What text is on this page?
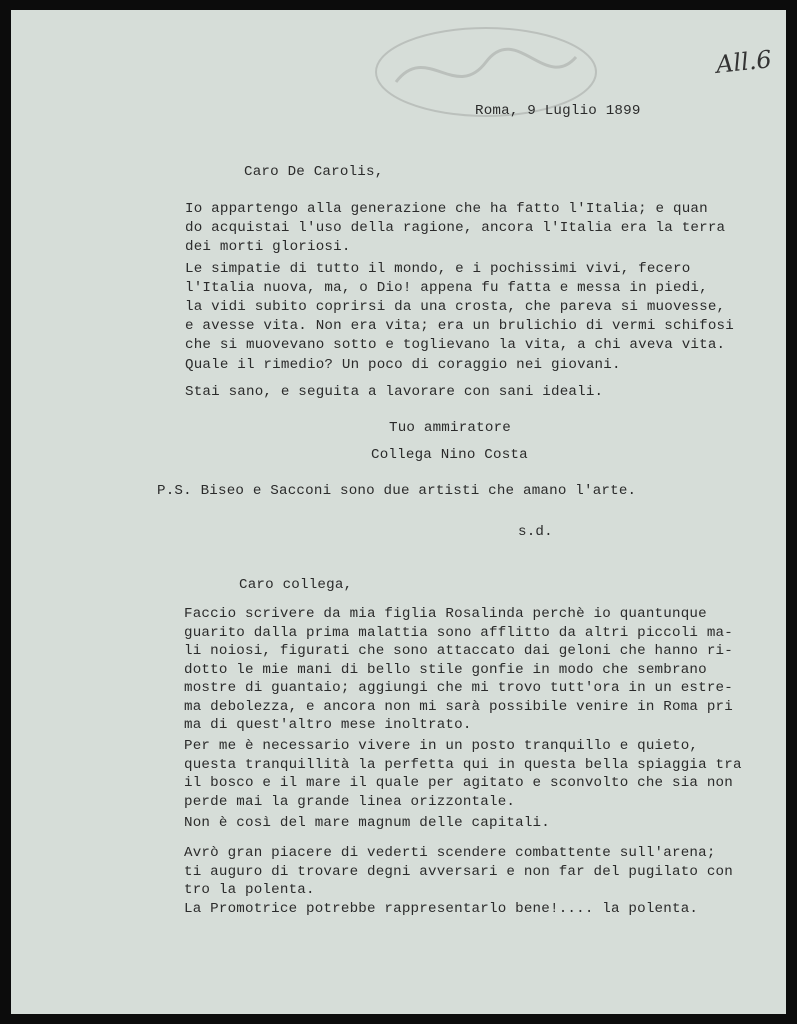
All.6

Roma, 9 Luglio 1899

Caro De Carolis,

Io appartengo alla generazione che ha fatto l'Italia; e quan
do acquistai l'uso della ragione, ancora l'Italia era la terra
dei morti gloriosi.

Le simpatie di tutto il mondo, e i pochissimi vivi, fecero
l'Italia nuova, ma, o Dio! appena fu fatta e messa in piedi,
la vidi subito coprirsi da una crosta, che pareva si muovesse,
e avesse vita. Non era vita; era un brulichio di vermi schifosi
che si muovevano sotto e toglievano la vita, a chi aveva vita.

Quale il rimedio? Un poco di coraggio nei giovani.

Stai sano, e seguita a lavorare con sani ideali.

Tuo ammiratore

Collega Nino Costa

P.S. Biseo e Sacconi sono due artisti che amano l'arte.

s.d.

Caro collega,

Faccio scrivere da mia figlia Rosalinda perchè io quantunque
guarito dalla prima malattia sono afflitto da altri piccoli ma-
li noiosi, figurati che sono attaccato dai geloni che hanno ri-
dotto le mie mani di bello stile gonfie in modo che sembrano
mostre di guantaio; aggiungi che mi trovo tutt'ora in un estre-
ma debolezza, e ancora non mi sarà possibile venire in Roma pri
ma di quest'altro mese inoltrato.

Per me è necessario vivere in un posto tranquillo e quieto,
questa tranquillità la perfetta qui in questa bella spiaggia tra
il bosco e il mare il quale per agitato e sconvolto che sia non
perde mai la grande linea orizzontale.

Non è così del mare magnum delle capitali.

Avrò gran piacere di vederti scendere combattente sull'arena;
ti auguro di trovare degni avversari e non far del pugilato con
tro la polenta.

La Promotrice potrebbe rappresentarlo bene!.... la polenta.
